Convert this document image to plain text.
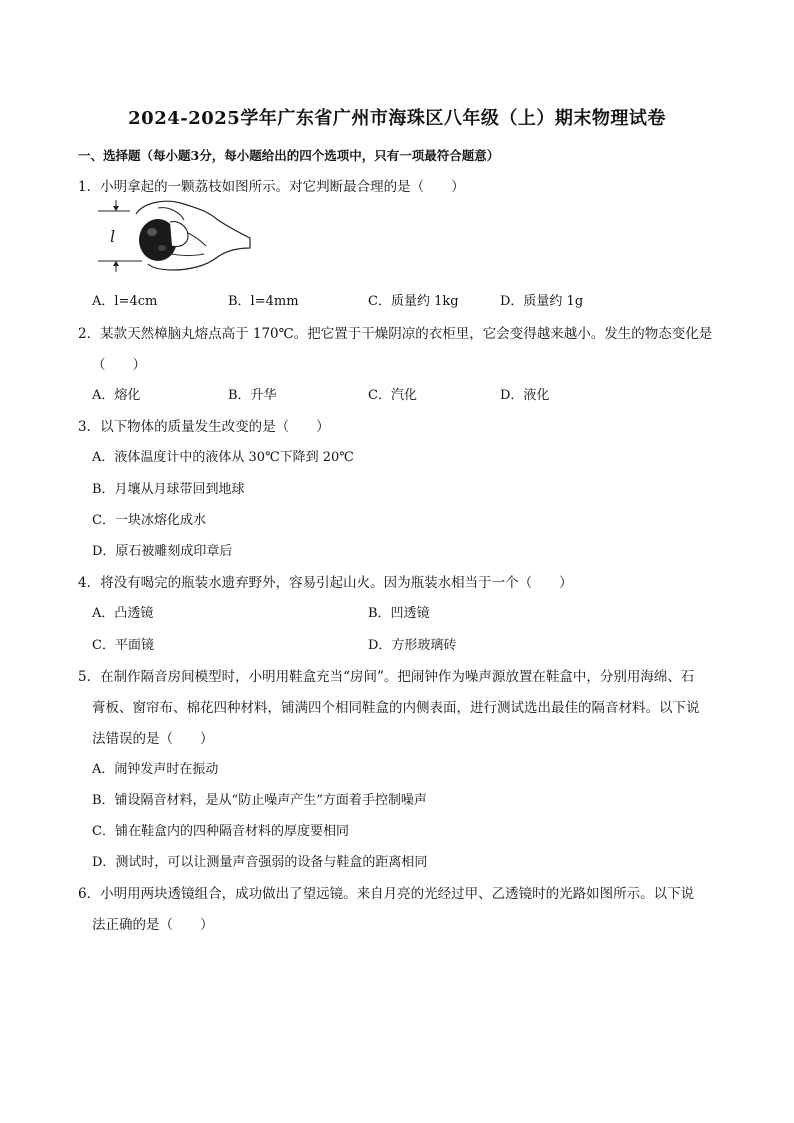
2024-2025学年广东省广州市海珠区八年级（上）期末物理试卷
一、选择题（每小题3分，每小题给出的四个选项中，只有一项最符合题意）
1．小明拿起的一颗荔枝如图所示。对它判断最合理的是（　　）
l
A．l=4cm	B．l=4mm	C．质量约 1kg	D．质量约 1g
2．某款天然樟脑丸熔点高于 170℃。把它置于干燥阴凉的衣柜里，它会变得越来越小。发生的物态变化是
（　　）
A．熔化	B．升华	C．汽化	D．液化
3．以下物体的质量发生改变的是（　　）
A．液体温度计中的液体从 30℃下降到 20℃
B．月壤从月球带回到地球
C．一块冰熔化成水
D．原石被雕刻成印章后
4．将没有喝完的瓶装水遗弃野外，容易引起山火。因为瓶装水相当于一个（　　）
A．凸透镜	B．凹透镜
C．平面镜	D．方形玻璃砖
5．在制作隔音房间模型时，小明用鞋盒充当“房间”。把闹钟作为噪声源放置在鞋盒中，分别用海绵、石
膏板、窗帘布、棉花四种材料，铺满四个相同鞋盒的内侧表面，进行测试选出最佳的隔音材料。以下说
法错误的是（　　）
A．闹钟发声时在振动
B．铺设隔音材料，是从“防止噪声产生”方面着手控制噪声
C．铺在鞋盒内的四种隔音材料的厚度要相同
D．测试时，可以让测量声音强弱的设备与鞋盒的距离相同
6．小明用两块透镜组合，成功做出了望远镜。来自月亮的光经过甲、乙透镜时的光路如图所示。以下说
法正确的是（　　）
